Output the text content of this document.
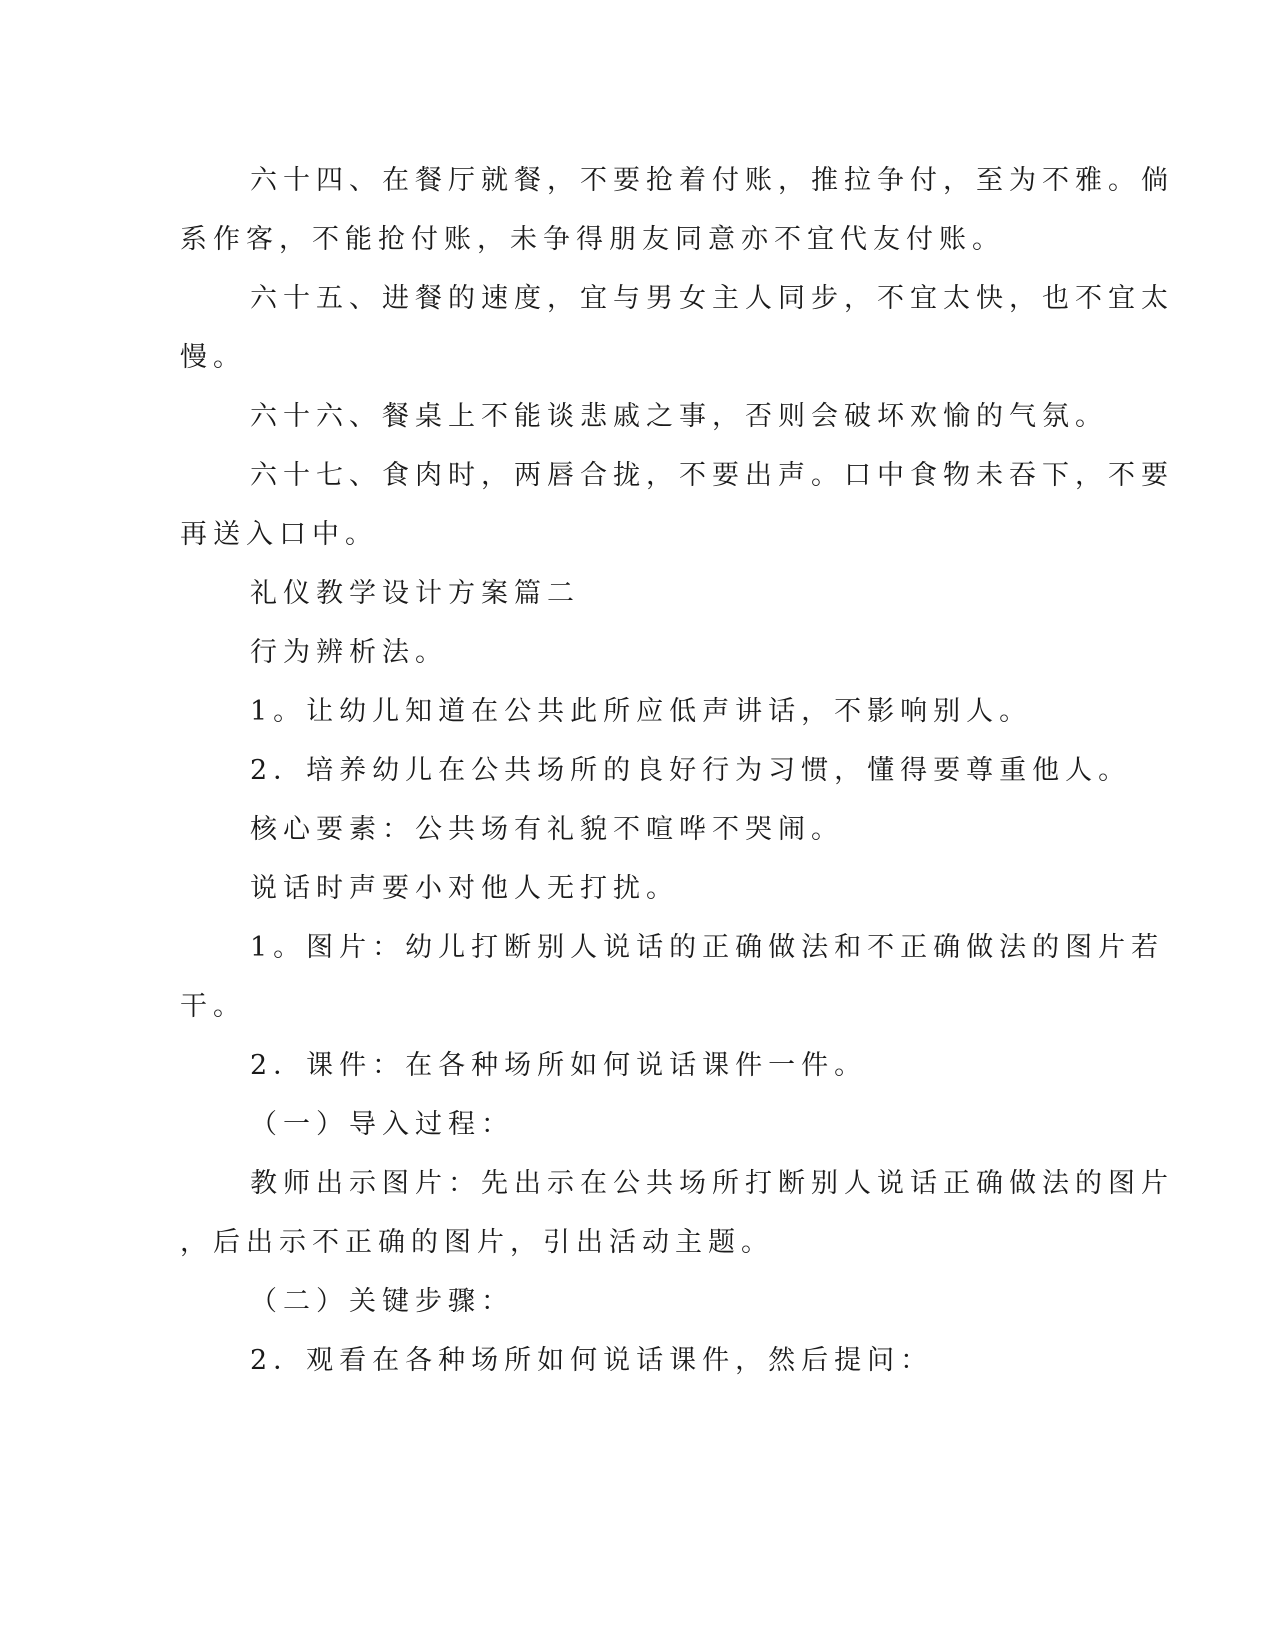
六十四、在餐厅就餐，不要抢着付账，推拉争付，至为不雅。倘
系作客，不能抢付账，未争得朋友同意亦不宜代友付账。
六十五、进餐的速度，宜与男女主人同步，不宜太快，也不宜太
慢。
六十六、餐桌上不能谈悲戚之事，否则会破坏欢愉的气氛。
六十七、食肉时，两唇合拢，不要出声。口中食物未吞下，不要
再送入口中。
礼仪教学设计方案篇二
行为辨析法。
1。让幼儿知道在公共此所应低声讲话，不影响别人。
2．培养幼儿在公共场所的良好行为习惯，懂得要尊重他人。
核心要素：公共场有礼貌不喧哗不哭闹。
说话时声要小对他人无打扰。
1。图片：幼儿打断别人说话的正确做法和不正确做法的图片若
干。
2．课件：在各种场所如何说话课件一件。
（一）导入过程：
教师出示图片：先出示在公共场所打断别人说话正确做法的图片
，后出示不正确的图片，引出活动主题。
（二）关键步骤：
2．观看在各种场所如何说话课件，然后提问：
